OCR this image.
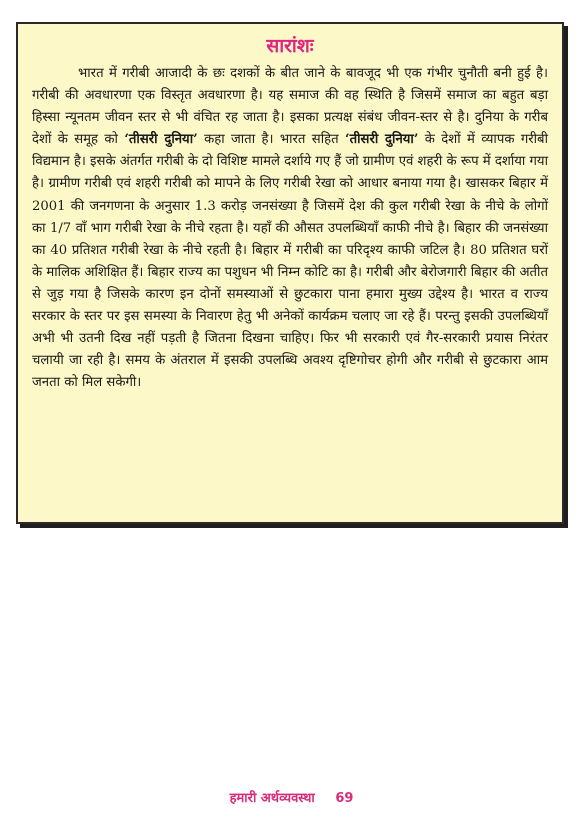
सारांशः

भारत में गरीबी आजादी के छः दशकों के बीत जाने के बावजूद भी एक गंभीर चुनौती बनी हुई है। गरीबी की अवधारणा एक विस्तृत अवधारणा है। यह समाज की वह स्थिति है जिसमें समाज का बहुत बड़ा हिस्सा न्यूनतम जीवन स्तर से भी वंचित रह जाता है। इसका प्रत्यक्ष संबंध जीवन-स्तर से है। दुनिया के गरीब देशों के समूह को ‘तीसरी दुनिया’ कहा जाता है। भारत सहित ‘तीसरी दुनिया’ के देशों में व्यापक गरीबी विद्यमान है। इसके अंतर्गत गरीबी के दो विशिष्ट मामले दर्शाये गए हैं जो ग्रामीण एवं शहरी के रूप में दर्शाया गया है। ग्रामीण गरीबी एवं शहरी गरीबी को मापने के लिए गरीबी रेखा को आधार बनाया गया है। खासकर बिहार में 2001 की जनगणना के अनुसार 1.3 करोड़ जनसंख्या है जिसमें देश की कुल गरीबी रेखा के नीचे के लोगों का 1/7 वाँ भाग गरीबी रेखा के नीचे रहता है। यहाँ की औसत उपलब्धियाँ काफी नीचे है। बिहार की जनसंख्या का 40 प्रतिशत गरीबी रेखा के नीचे रहती है। बिहार में गरीबी का परिदृश्य काफी जटिल है। 80 प्रतिशत घरों के मालिक अशिक्षित हैं। बिहार राज्य का पशुधन भी निम्न कोटि का है। गरीबी और बेरोजगारी बिहार की अतीत से जुड़ गया है जिसके कारण इन दोनों समस्याओं से छुटकारा पाना हमारा मुख्य उद्देश्य है। भारत व राज्य सरकार के स्तर पर इस समस्या के निवारण हेतु भी अनेकों कार्यक्रम चलाए जा रहे हैं। परन्तु इसकी उपलब्धियाँ अभी भी उतनी दिख नहीं पड़ती है जितना दिखना चाहिए। फिर भी सरकारी एवं गैर-सरकारी प्रयास निरंतर चलायी जा रही है। समय के अंतराल में इसकी उपलब्धि अवश्य दृष्टिगोचर होगी और गरीबी से छुटकारा आम जनता को मिल सकेगी।

हमारी अर्थव्यवस्था 69
